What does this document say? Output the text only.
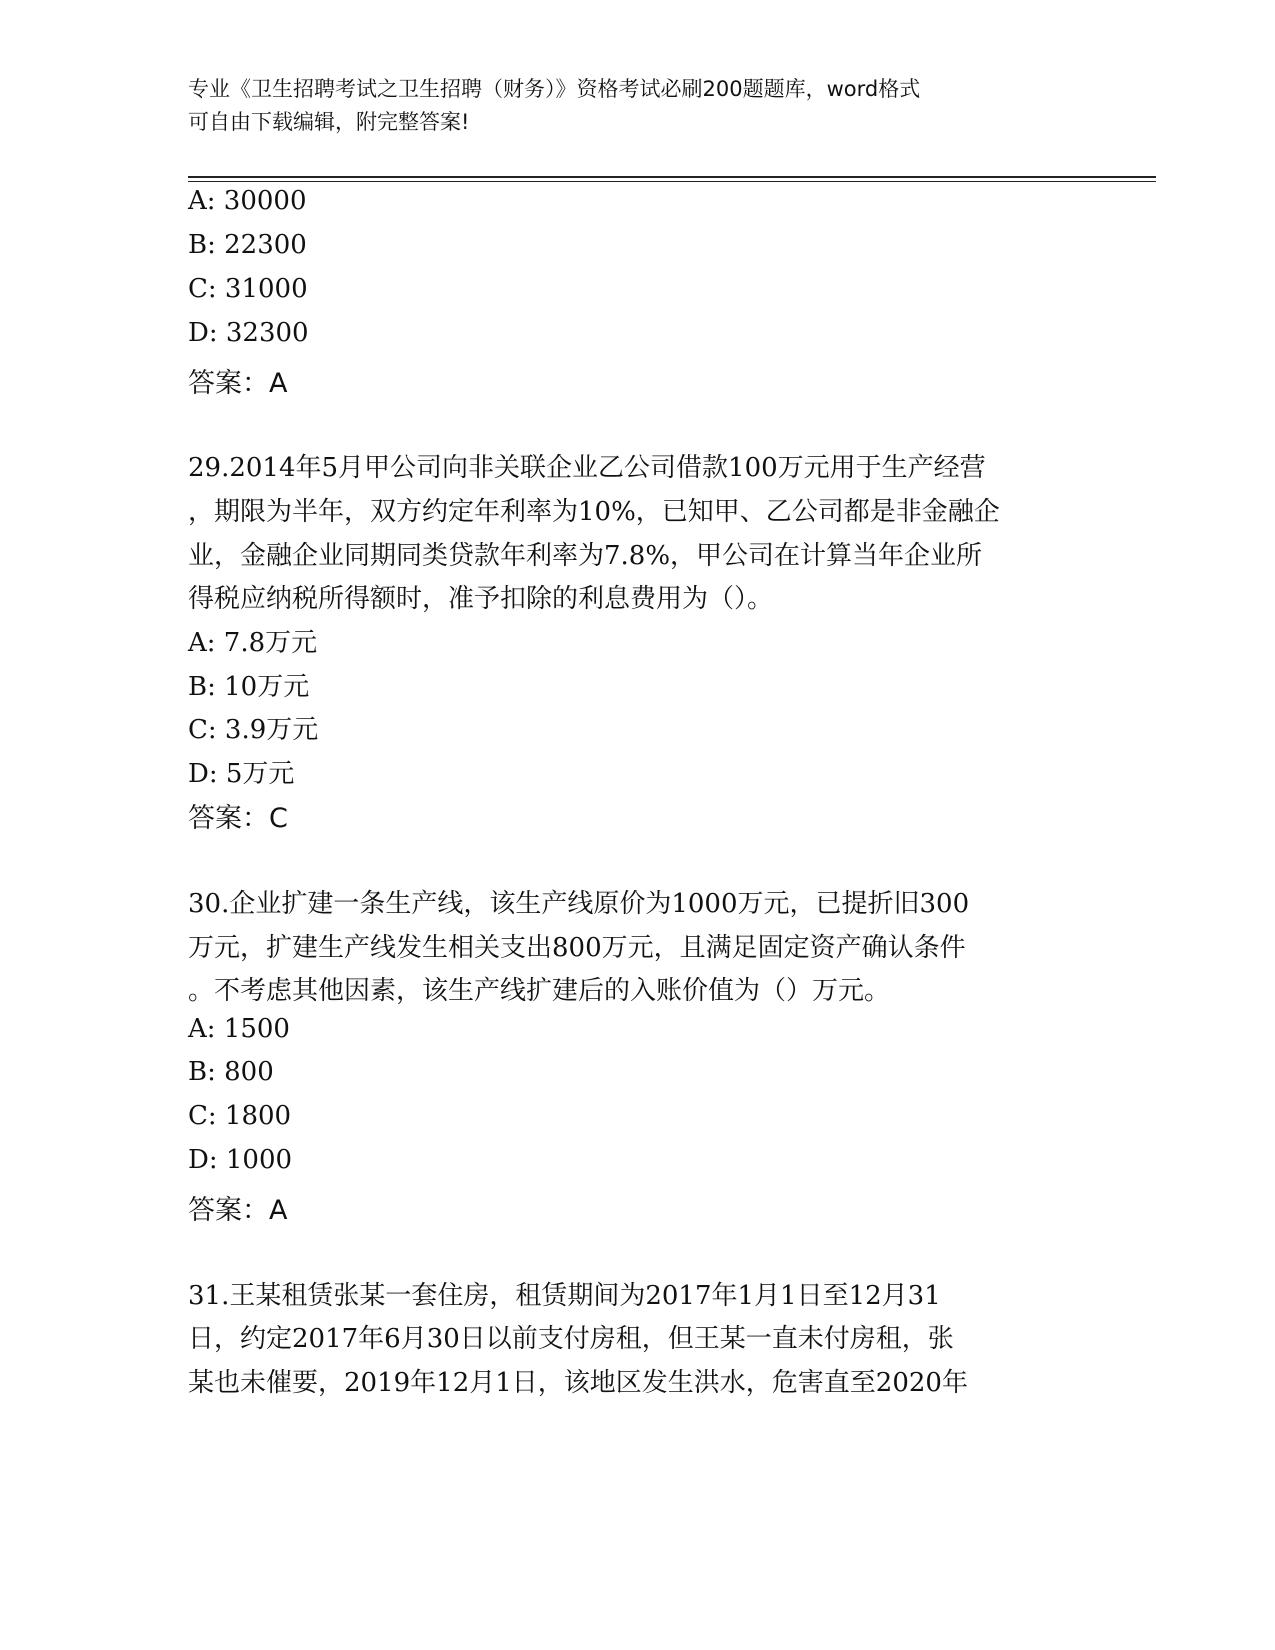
专业《卫生招聘考试之卫生招聘（财务）》资格考试必刷200题题库，word格式
可自由下载编辑，附完整答案!
A: 30000
B: 22300
C: 31000
D: 32300
答案：A
29.2014年5月甲公司向非关联企业乙公司借款100万元用于生产经营
，期限为半年，双方约定年利率为10%，已知甲、乙公司都是非金融企
业，金融企业同期同类贷款年利率为7.8%，甲公司在计算当年企业所
得税应纳税所得额时，准予扣除的利息费用为（）。
A: 7.8万元
B: 10万元
C: 3.9万元
D: 5万元
答案：C
30.企业扩建一条生产线，该生产线原价为1000万元，已提折旧300
万元，扩建生产线发生相关支出800万元，且满足固定资产确认条件
。不考虑其他因素，该生产线扩建后的入账价值为（）万元。
A: 1500
B: 800
C: 1800
D: 1000
答案：A
31.王某租赁张某一套住房，租赁期间为2017年1月1日至12月31
日，约定2017年6月30日以前支付房租，但王某一直未付房租，张
某也未催要，2019年12月1日，该地区发生洪水，危害直至2020年
